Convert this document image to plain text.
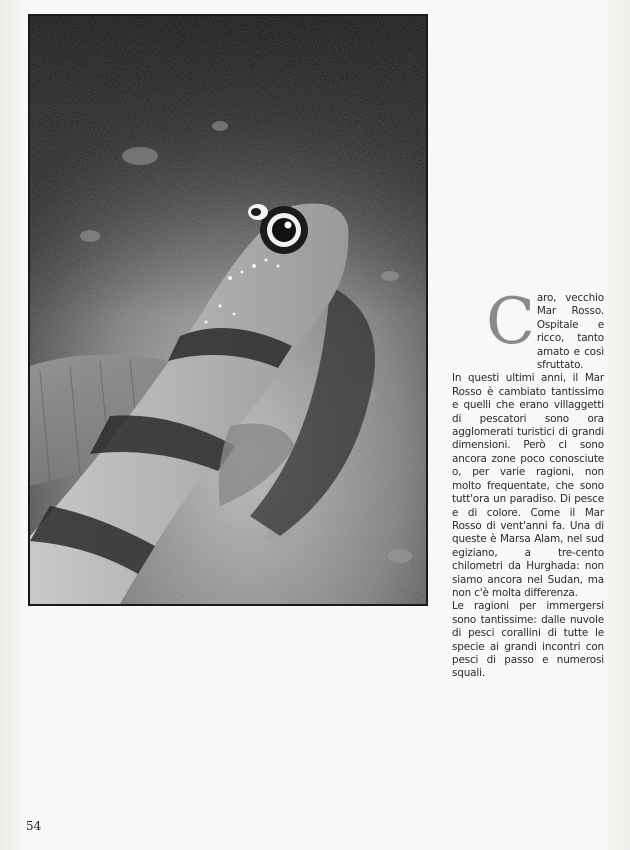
C aro, vecchio Mar Rosso. Ospitale e ricco, tanto amato e così sfruttato.

In questi ultimi anni, il Mar Rosso è cambiato tantissimo e quelli che erano villaggetti di pescatori sono ora agglomerati turistici di grandi dimensioni. Però ci sono ancora zone poco conosciute o, per varie ragioni, non molto frequentate, che sono tutt'ora un paradiso. Di pesce e di colore. Come il Mar Rosso di vent'anni fa. Una di queste è Marsa Alam, nel sud egiziano, a tre-cento chilometri da Hurghada: non siamo ancora nel Sudan, ma non c'è molta differenza.

Le ragioni per immergersi sono tantissime: dalle nuvole di pesci corallini di tutte le specie ai grandi incontri con pesci di passo e numerosi squali.

54
